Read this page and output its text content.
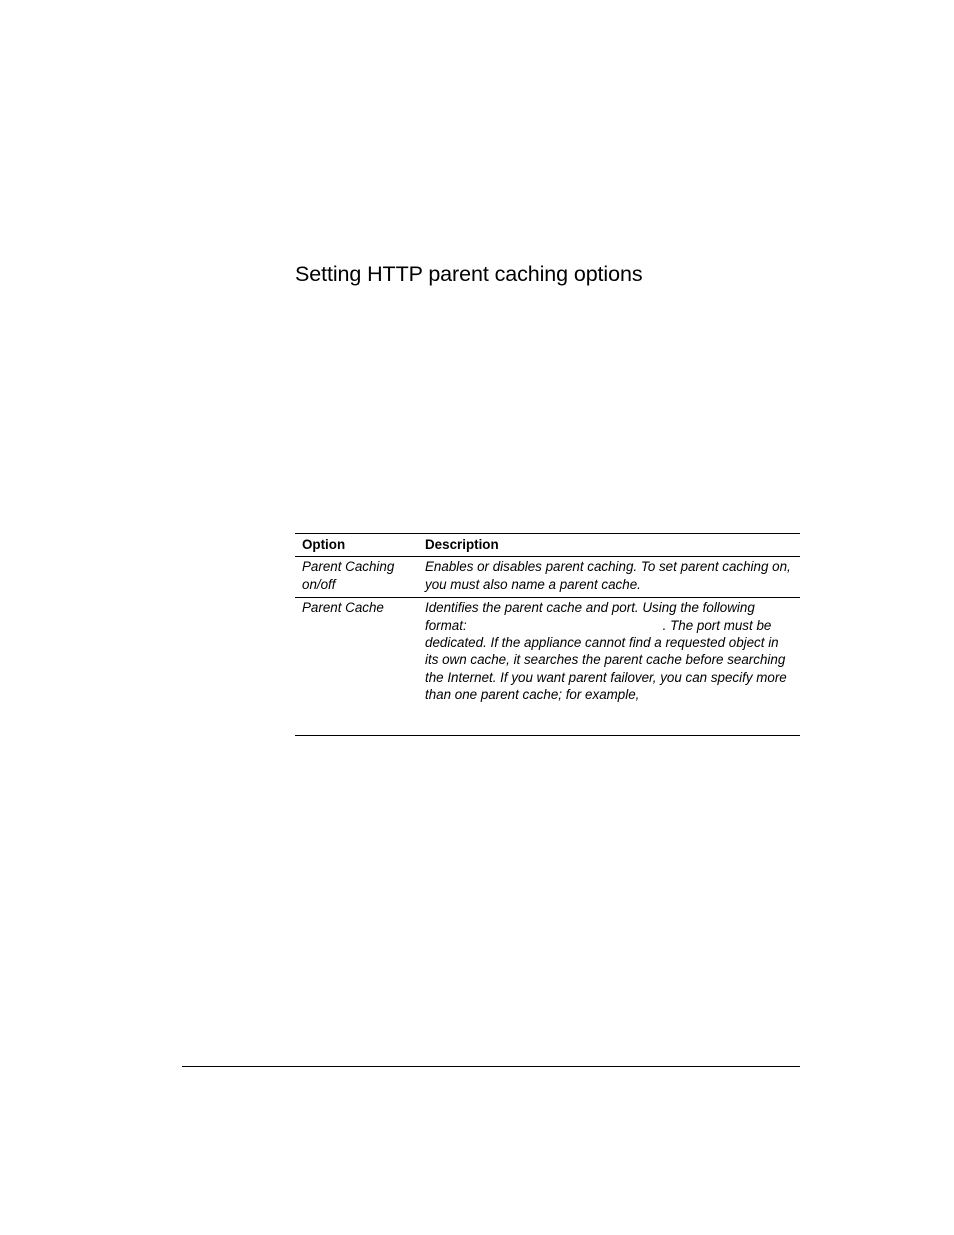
Setting HTTP parent caching options
Option	Description
Parent Caching on/off	Enables or disables parent caching. To set parent caching on, you must also name a parent cache.
Parent Cache	Identifies the parent cache and port. Using the following format: . The port must be dedicated. If the appliance cannot find a requested object in its own cache, it searches the parent cache before searching the Internet. If you want parent failover, you can specify more than one parent cache; for example,
